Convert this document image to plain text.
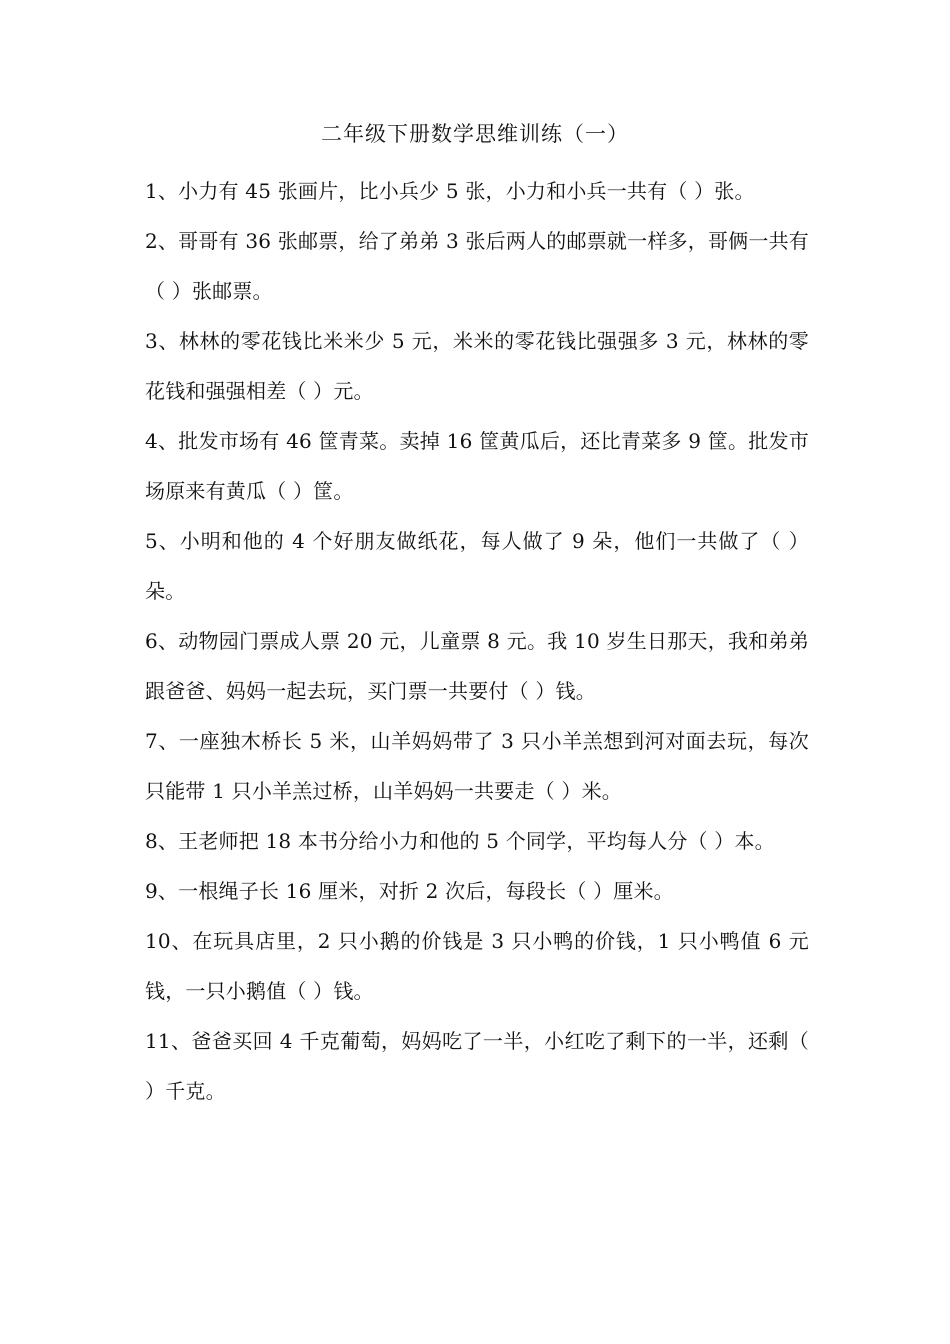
二年级下册数学思维训练（一）
1、小力有 45 张画片，比小兵少 5 张，小力和小兵一共有（ ）张。
2、哥哥有 36 张邮票，给了弟弟 3 张后两人的邮票就一样多，哥俩一共有（ ）张邮票。
3、林林的零花钱比米米少 5 元，米米的零花钱比强强多 3 元，林林的零花钱和强强相差（ ）元。
4、批发市场有 46 筐青菜。卖掉 16 筐黄瓜后，还比青菜多 9 筐。批发市场原来有黄瓜（ ）筐。
5、小明和他的 4 个好朋友做纸花，每人做了 9 朵，他们一共做了（ ）朵。
6、动物园门票成人票 20 元，儿童票 8 元。我 10 岁生日那天，我和弟弟跟爸爸、妈妈一起去玩，买门票一共要付（ ）钱。
7、一座独木桥长 5 米，山羊妈妈带了 3 只小羊羔想到河对面去玩，每次只能带 1 只小羊羔过桥，山羊妈妈一共要走（ ）米。
8、王老师把 18 本书分给小力和他的 5 个同学，平均每人分（ ）本。
9、一根绳子长 16 厘米，对折 2 次后，每段长（ ）厘米。
10、在玩具店里，2 只小鹅的价钱是 3 只小鸭的价钱，1 只小鸭值 6 元钱，一只小鹅值（ ）钱。
11、爸爸买回 4 千克葡萄，妈妈吃了一半，小红吃了剩下的一半，还剩（ ）千克。
